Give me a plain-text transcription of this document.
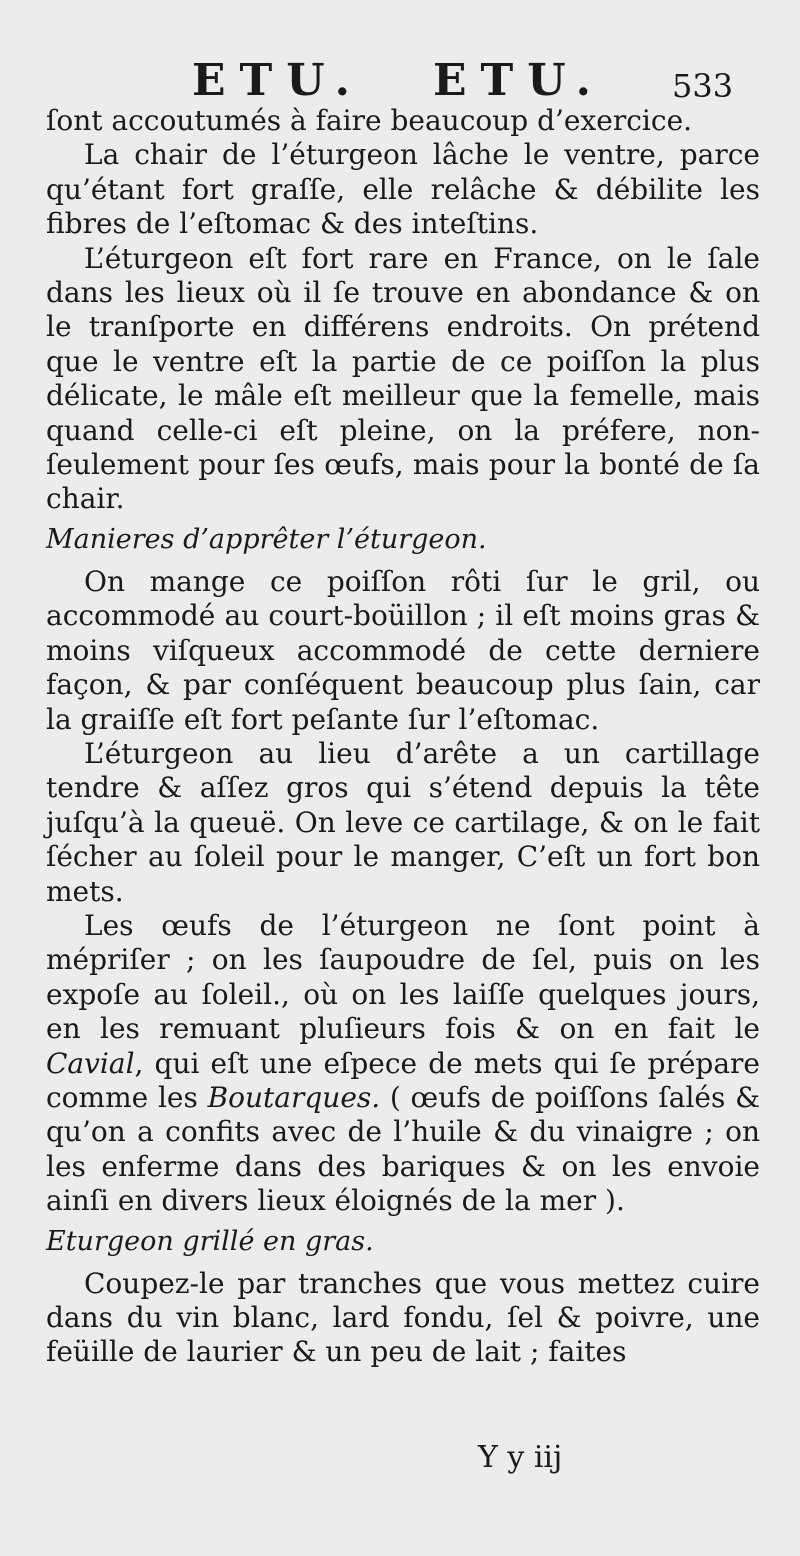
ETU. ETU. 533

ſont accoutumés à faire beaucoup d’exercice.

La chair de l’éturgeon lâche le ventre, parce qu’étant fort graſſe, elle relâche & débilite les fibres de l’eſtomac & des inteſtins.

L’éturgeon eſt fort rare en France, on le ſale dans les lieux où il ſe trouve en abondance & on le tranſporte en différens endroits. On prétend que le ventre eſt la partie de ce poiſſon la plus délicate, le mâle eſt meilleur que la femelle, mais quand celle-ci eſt pleine, on la préfere, non-ſeulement pour ſes œufs, mais pour la bonté de ſa chair.

Manieres d’apprêter l’éturgeon.

On mange ce poiſſon rôti ſur le gril, ou accommodé au court-boüillon ; il eſt moins gras & moins viſqueux accommodé de cette derniere façon, & par conſéquent beaucoup plus ſain, car la graiſſe eſt fort peſante ſur l’eſtomac.

L’éturgeon au lieu d’arête a un cartillage tendre & aſſez gros qui s’étend depuis la tête juſqu’à la queuë. On leve ce cartilage, & on le fait ſécher au ſoleil pour le manger, C’eſt un fort bon mets.

Les œufs de l’éturgeon ne ſont point à mépriſer ; on les ſaupoudre de ſel, puis on les expoſe au ſoleil., où on les laiſſe quelques jours, en les remuant pluſieurs fois & on en fait le Cavial, qui eſt une eſpece de mets qui ſe prépare comme les Boutarques. ( œufs de poiſſons ſalés & qu’on a confits avec de l’huile & du vinaigre ; on les enferme dans des bariques & on les envoie ainſi en divers lieux éloignés de la mer ).

Eturgeon grillé en gras.

Coupez-le par tranches que vous mettez cuire dans du vin blanc, lard fondu, ſel & poivre, une feüille de laurier & un peu de lait ; faites

Y y iij
